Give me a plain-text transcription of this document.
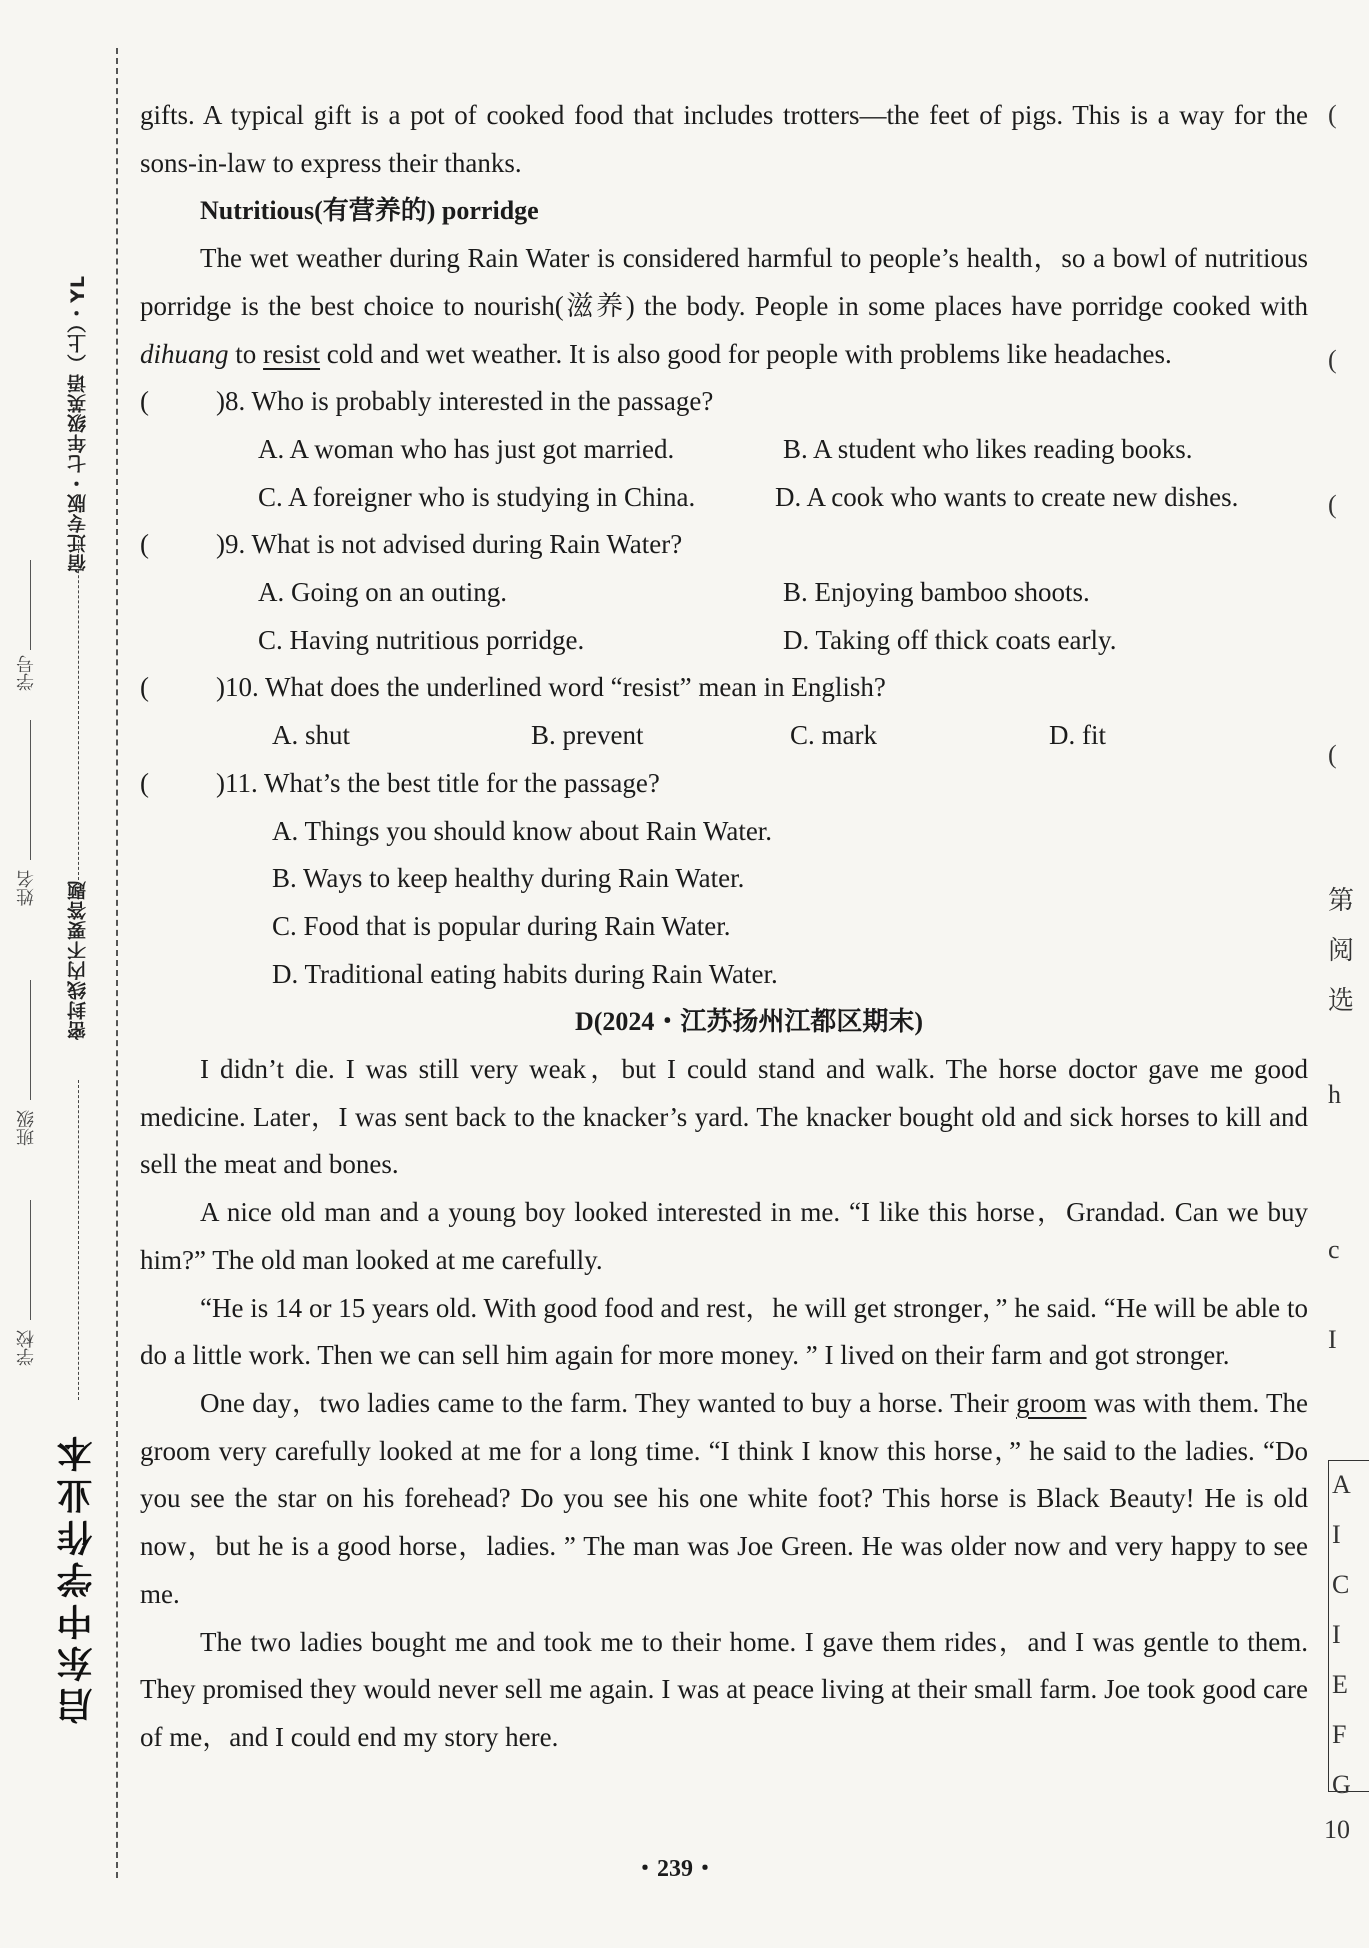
启东中学作业本
宿迁专版・七年级英语（上）・YL
密封线内不要答题
学校
班级
姓名
学号
(
(
(
(
第
阅
选
h
c
I
A
I
C
I
E
F
G
10

gifts. A typical gift is a pot of cooked food that includes trotters—the feet of pigs. This is a way for the sons-in-law to express their thanks.

Nutritious(有营养的) porridge

The wet weather during Rain Water is considered harmful to people’s health，so a bowl of nutritious porridge is the best choice to nourish(滋养) the body. People in some places have porridge cooked with dihuang to resist cold and wet weather. It is also good for people with problems like headaches.

(	)8. Who is probably interested in the passage?
A. A woman who has just got married.	B. A student who likes reading books.
C. A foreigner who is studying in China.	D. A cook who wants to create new dishes.
(	)9. What is not advised during Rain Water?
A. Going on an outing.	B. Enjoying bamboo shoots.
C. Having nutritious porridge.	D. Taking off thick coats early.
(	)10. What does the underlined word “resist” mean in English?
A. shut	B. prevent	C. mark	D. fit
(	)11. What’s the best title for the passage?
A. Things you should know about Rain Water.
B. Ways to keep healthy during Rain Water.
C. Food that is popular during Rain Water.
D. Traditional eating habits during Rain Water.
D(2024・江苏扬州江都区期末)

I didn’t die. I was still very weak，but I could stand and walk. The horse doctor gave me good medicine. Later，I was sent back to the knacker’s yard. The knacker bought old and sick horses to kill and sell the meat and bones.

A nice old man and a young boy looked interested in me. “I like this horse，Grandad. Can we buy him?” The old man looked at me carefully.

“He is 14 or 15 years old. With good food and rest，he will get stronger，” he said. “He will be able to do a little work. Then we can sell him again for more money. ” I lived on their farm and got stronger.

One day，two ladies came to the farm. They wanted to buy a horse. Their groom was with them. The groom very carefully looked at me for a long time. “I think I know this horse，” he said to the ladies. “Do you see the star on his forehead? Do you see his one white foot? This horse is Black Beauty! He is old now，but he is a good horse，ladies. ” The man was Joe Green. He was older now and very happy to see me.

The two ladies bought me and took me to their home. I gave them rides，and I was gentle to them. They promised they would never sell me again. I was at peace living at their small farm. Joe took good care of me，and I could end my story here.

・239・
